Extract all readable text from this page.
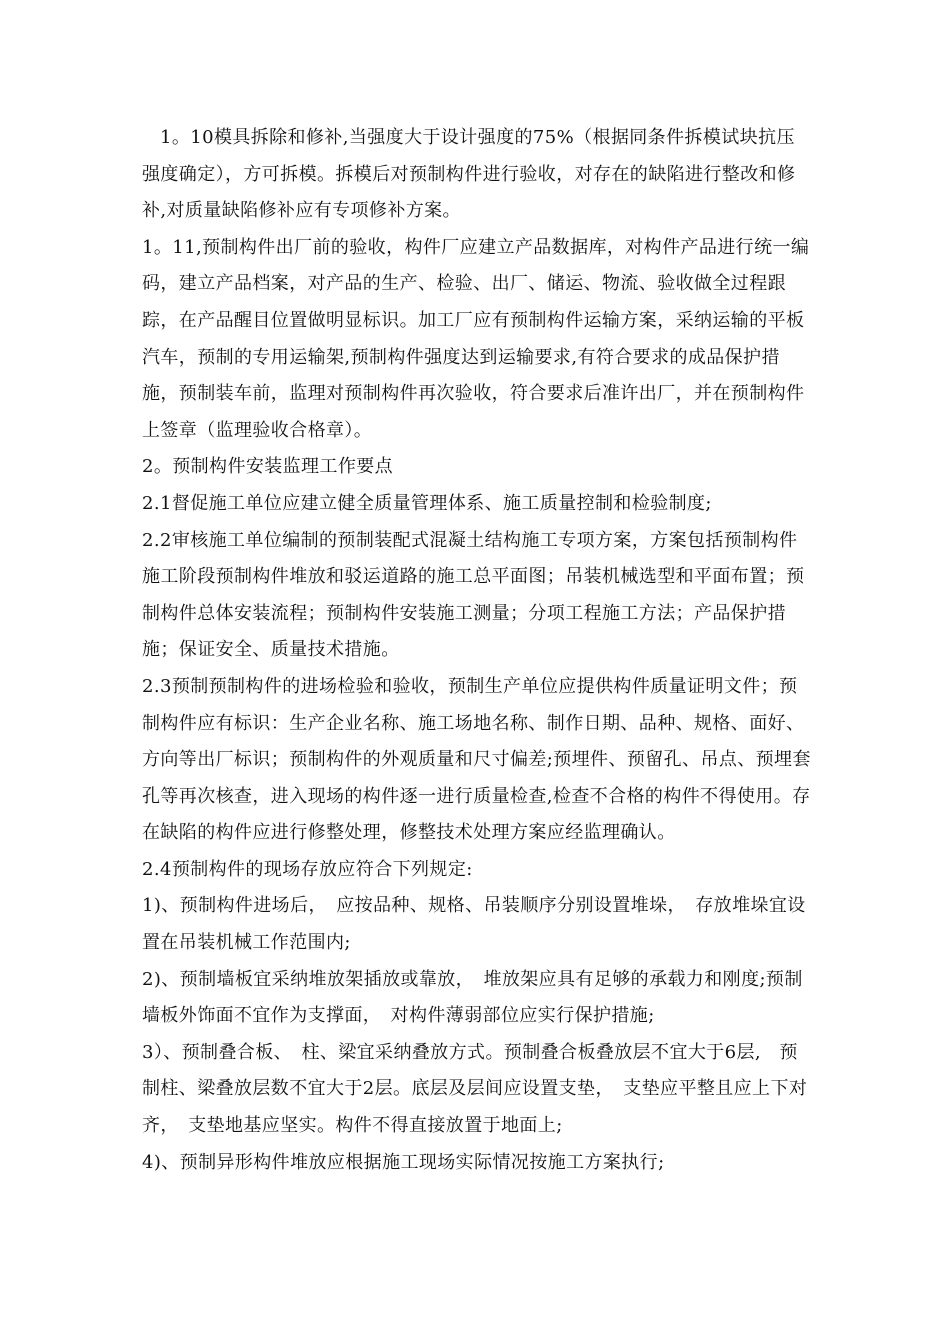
1。10模具拆除和修补,当强度大于设计强度的75%（根据同条件拆模试块抗压强度确定），方可拆模。拆模后对预制构件进行验收，对存在的缺陷进行整改和修补,对质量缺陷修补应有专项修补方案。

1。11,预制构件出厂前的验收，构件厂应建立产品数据库，对构件产品进行统一编码，建立产品档案，对产品的生产、检验、出厂、储运、物流、验收做全过程跟踪，在产品醒目位置做明显标识。加工厂应有预制构件运输方案，采纳运输的平板汽车，预制的专用运输架,预制构件强度达到运输要求,有符合要求的成品保护措施，预制装车前，监理对预制构件再次验收，符合要求后准许出厂，并在预制构件上签章（监理验收合格章）。

2。预制构件安装监理工作要点

2.1督促施工单位应建立健全质量管理体系、施工质量控制和检验制度;

2.2审核施工单位编制的预制装配式混凝土结构施工专项方案，方案包括预制构件施工阶段预制构件堆放和驳运道路的施工总平面图；吊装机械选型和平面布置；预制构件总体安装流程；预制构件安装施工测量；分项工程施工方法；产品保护措施；保证安全、质量技术措施。

2.3预制预制构件的进场检验和验收，预制生产单位应提供构件质量证明文件；预制构件应有标识：生产企业名称、施工场地名称、制作日期、品种、规格、面好、方向等出厂标识；预制构件的外观质量和尺寸偏差;预埋件、预留孔、吊点、预埋套孔等再次核查，进入现场的构件逐一进行质量检查,检查不合格的构件不得使用。存在缺陷的构件应进行修整处理，修整技术处理方案应经监理确认。

2.4预制构件的现场存放应符合下列规定:

1)、预制构件进场后，　应按品种、规格、吊装顺序分别设置堆垛，　存放堆垛宜设置在吊装机械工作范围内;

2)、预制墙板宜采纳堆放架插放或靠放，　堆放架应具有足够的承载力和刚度;预制墙板外饰面不宜作为支撑面，　对构件薄弱部位应实行保护措施;

3）、预制叠合板、　柱、梁宜采纳叠放方式。预制叠合板叠放层不宜大于6层,　预制柱、梁叠放层数不宜大于2层。底层及层间应设置支垫，　支垫应平整且应上下对齐，　支垫地基应坚实。构件不得直接放置于地面上;

4)、预制异形构件堆放应根据施工现场实际情况按施工方案执行;
